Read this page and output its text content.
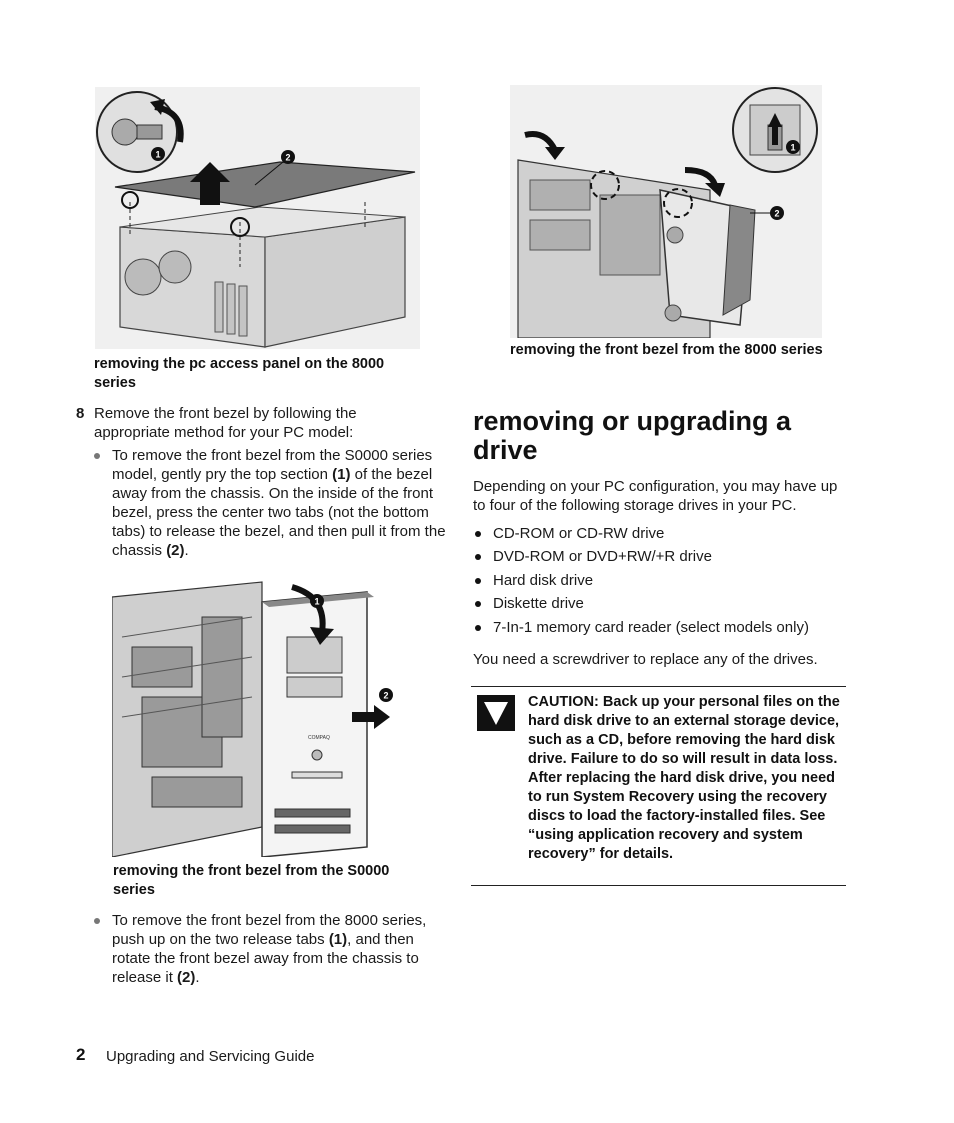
1	2
removing the pc access panel on the 8000 series
8 Remove the front bezel by following the appropriate method for your PC model:
To remove the front bezel from the S0000 series model, gently pry the top section (1) of the bezel away from the chassis. On the inside of the front bezel, press the center two tabs (not the bottom tabs) to release the bezel, and then pull it from the chassis (2).
COMPAQ
1
2
removing the front bezel from the S0000 series
To remove the front bezel from the 8000 series, push up on the two release tabs (1), and then rotate the front bezel away from the chassis to release it (2).
1
2
removing the front bezel from the 8000 series
removing or upgrading a drive
Depending on your PC configuration, you may have up to four of the following storage drives in your PC.
CD-ROM or CD-RW drive
DVD-ROM or DVD+RW/+R drive
Hard disk drive
Diskette drive
7-In-1 memory card reader (select models only)
You need a screwdriver to replace any of the drives.
CAUTION: Back up your personal files on the hard disk drive to an external storage device, such as a CD, before removing the hard disk drive. Failure to do so will result in data loss. After replacing the hard disk drive, you need to run System Recovery using the recovery discs to load the factory-installed files. See “using application recovery and system recovery” for details.
2 Upgrading and Servicing Guide
